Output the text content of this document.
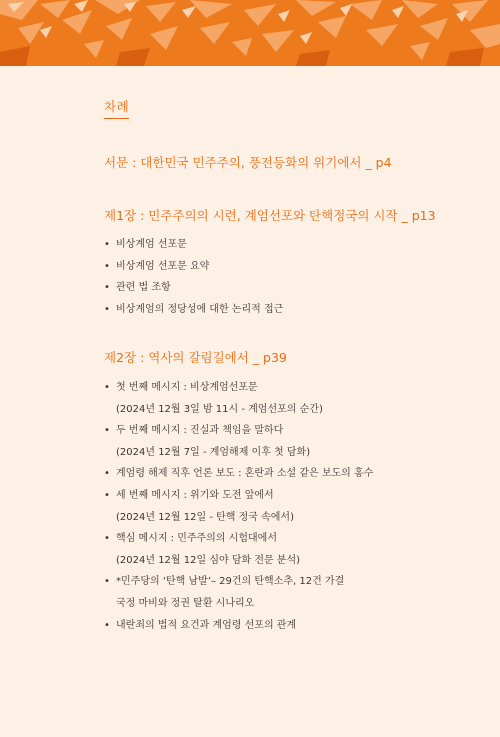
차례
서문 : 대한민국 민주주의, 풍전등화의 위기에서 _ p4
제1장 : 민주주의의 시련, 계엄선포와 탄핵정국의 시작 _ p13
• 비상계엄 선포문
• 비상계엄 선포문 요약
• 관련 법 조항
• 비상계엄의 정당성에 대한 논리적 접근
제2장 : 역사의 갈림길에서 _ p39
• 첫 번째 메시지 : 비상계엄선포문
(2024년 12월 3일 밤 11시 - 계엄선포의 순간)
• 두 번째 메시지 : 진실과 책임을 말하다
(2024년 12월 7일 - 계엄해제 이후 첫 담화)
• 계엄령 해제 직후 언론 보도 : 혼란과 소설 같은 보도의 홍수
• 세 번째 메시지 : 위기와 도전 앞에서
(2024년 12월 12일 - 탄핵 정국 속에서)
• 핵심 메시지 : 민주주의의 시험대에서
(2024년 12월 12일 심야 담화 전문 분석)
• *민주당의 ‘탄핵 남발’– 29건의 탄핵소추, 12건 가결
국정 마비와 정권 탈환 시나리오
• 내란죄의 법적 요건과 계엄령 선포의 관계
